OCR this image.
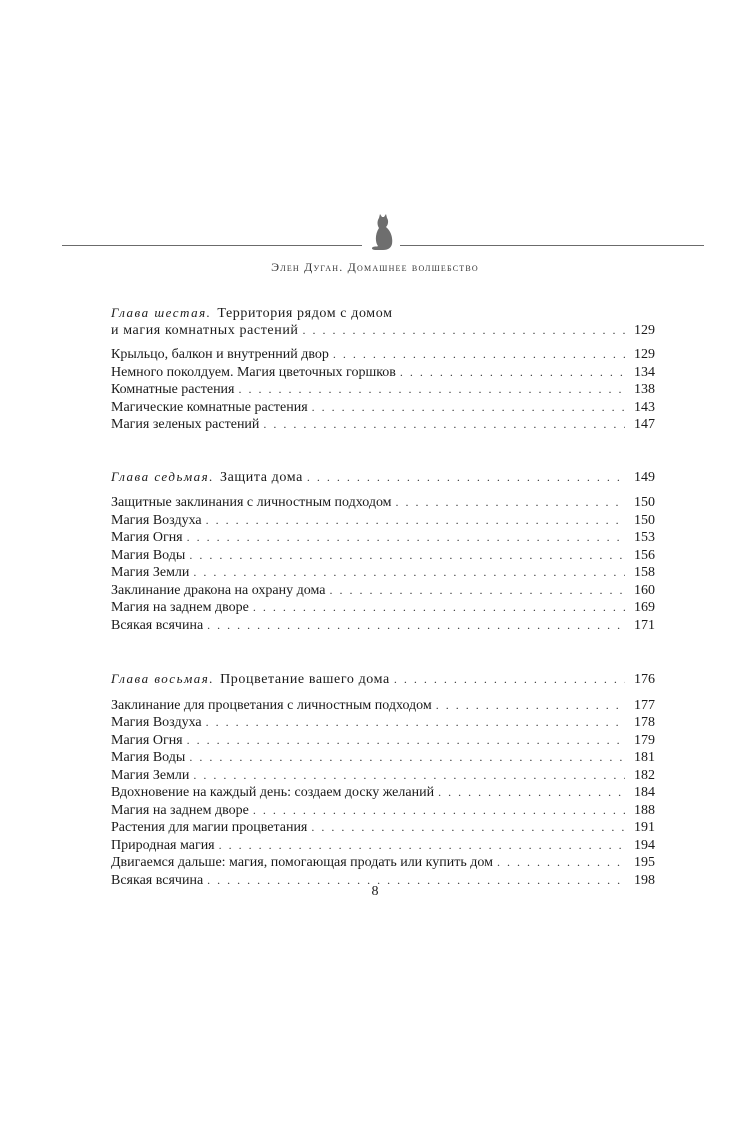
Элен Дуган. Домашнее волшебство
Глава шестая. Территория рядом с домом
и магия комнатных растений . . .	129
Крыльцо, балкон и внутренний двор . . .	129
Немного поколдуем. Магия цветочных горшков . . .	134
Комнатные растения . . .	138
Магические комнатные растения . . .	143
Магия зеленых растений . . .	147
Глава седьмая. Защита дома . . .	149
Защитные заклинания с личностным подходом . . .	150
Магия Воздуха . . .	150
Магия Огня . . .	153
Магия Воды . . .	156
Магия Земли . . .	158
Заклинание дракона на охрану дома . . .	160
Магия на заднем дворе . . .	169
Всякая всячина . . .	171
Глава восьмая. Процветание вашего дома . . .	176
Заклинание для процветания с личностным подходом . . .	177
Магия Воздуха . . .	178
Магия Огня . . .	179
Магия Воды . . .	181
Магия Земли . . .	182
Вдохновение на каждый день: создаем доску желаний . . .	184
Магия на заднем дворе . . .	188
Растения для магии процветания . . .	191
Природная магия . . .	194
Двигаемся дальше: магия, помогающая продать или купить дом . . .	195
Всякая всячина . . .	198
8
